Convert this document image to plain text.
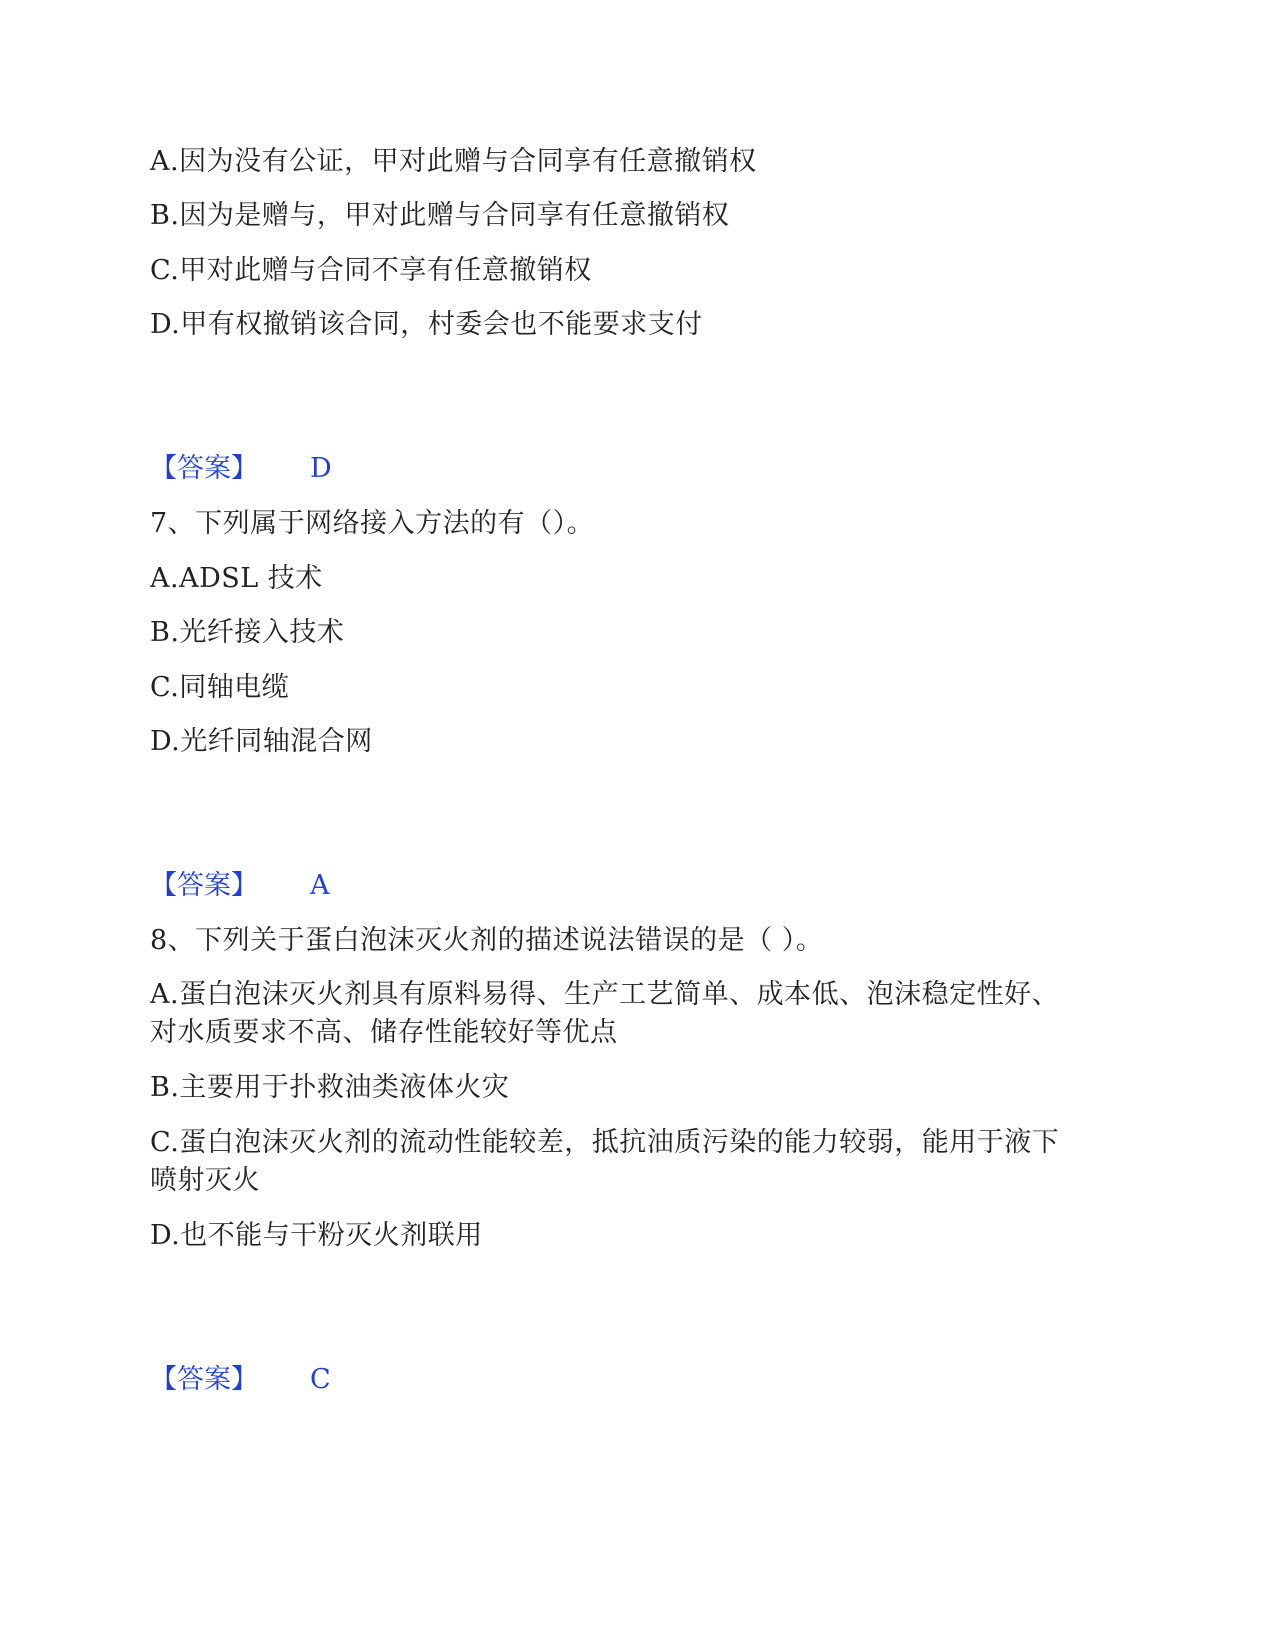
A.因为没有公证，甲对此赠与合同享有任意撤销权
B.因为是赠与，甲对此赠与合同享有任意撤销权
C.甲对此赠与合同不享有任意撤销权
D.甲有权撤销该合同，村委会也不能要求支付
【答案】 D
7、下列属于网络接入方法的有（）。
A.ADSL 技术
B.光纤接入技术
C.同轴电缆
D.光纤同轴混合网
【答案】 A
8、下列关于蛋白泡沫灭火剂的描述说法错误的是（ ）。
A.蛋白泡沫灭火剂具有原料易得、生产工艺简单、成本低、泡沫稳定性好、
对水质要求不高、储存性能较好等优点
B.主要用于扑救油类液体火灾
C.蛋白泡沫灭火剂的流动性能较差，抵抗油质污染的能力较弱，能用于液下
喷射灭火
D.也不能与干粉灭火剂联用
【答案】 C
